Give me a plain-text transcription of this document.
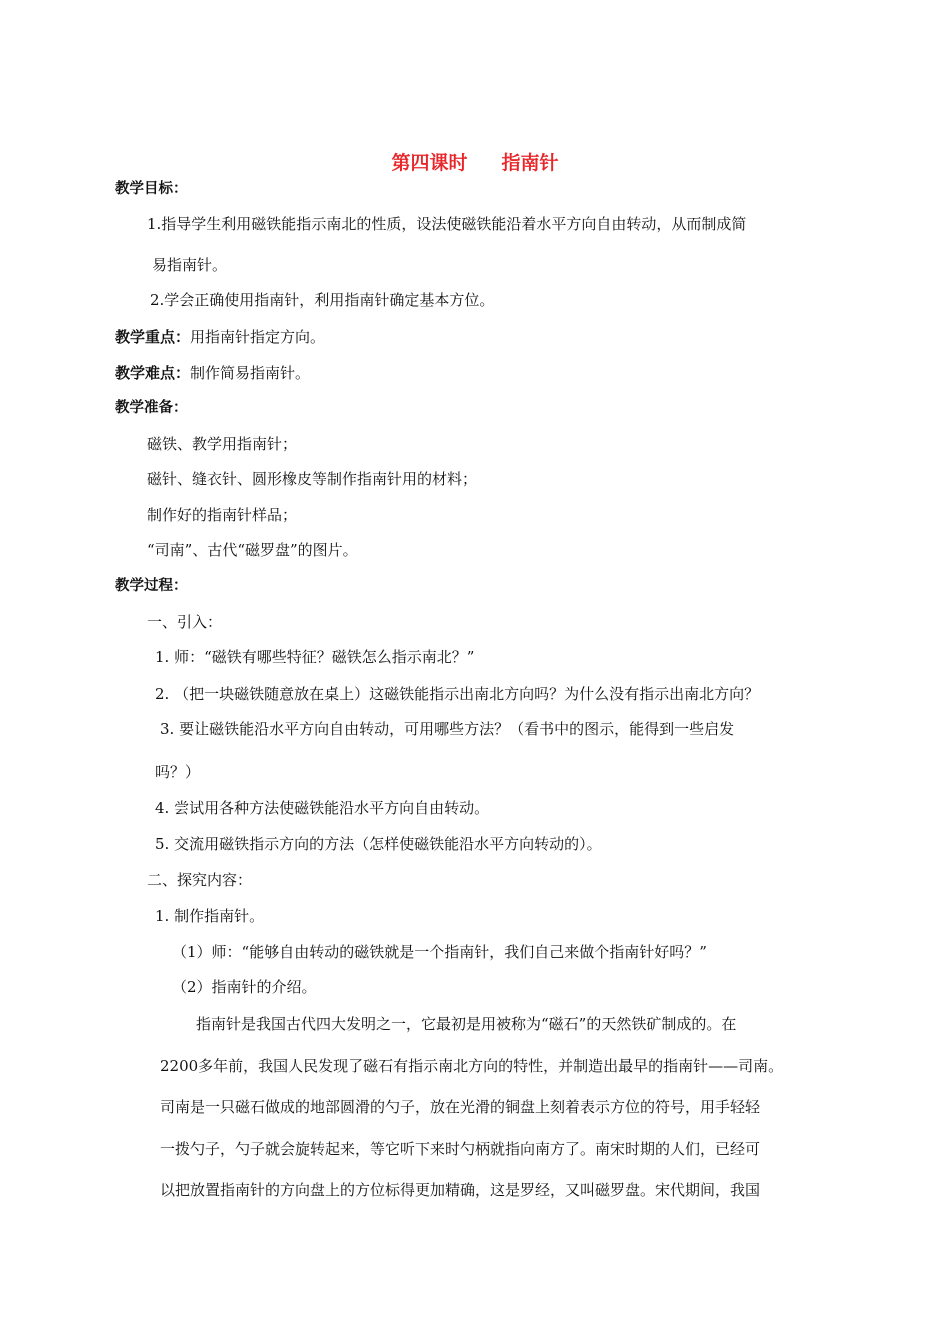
第四课时 指南针
教学目标：
1.指导学生利用磁铁能指示南北的性质，设法使磁铁能沿着水平方向自由转动，从而制成简
易指南针。
2.学会正确使用指南针，利用指南针确定基本方位。
教学重点：用指南针指定方向。
教学难点：制作简易指南针。
教学准备：
磁铁、教学用指南针；
磁针、缝衣针、圆形橡皮等制作指南针用的材料；
制作好的指南针样品；
“司南”、古代“磁罗盘”的图片。
教学过程：
一、引入：
1. 师：“磁铁有哪些特征？磁铁怎么指示南北？”
2. （把一块磁铁随意放在桌上）这磁铁能指示出南北方向吗？为什么没有指示出南北方向？
3. 要让磁铁能沿水平方向自由转动，可用哪些方法？（看书中的图示，能得到一些启发
吗？）
4. 尝试用各种方法使磁铁能沿水平方向自由转动。
5. 交流用磁铁指示方向的方法（怎样使磁铁能沿水平方向转动的）。
二、探究内容：
1. 制作指南针。
（1）师：“能够自由转动的磁铁就是一个指南针，我们自己来做个指南针好吗？”
（2）指南针的介绍。
指南针是我国古代四大发明之一，它最初是用被称为“磁石”的天然铁矿制成的。在
2200多年前，我国人民发现了磁石有指示南北方向的特性，并制造出最早的指南针——司南。
司南是一只磁石做成的地部圆滑的勺子，放在光滑的铜盘上刻着表示方位的符号，用手轻轻
一拨勺子，勺子就会旋转起来，等它听下来时勺柄就指向南方了。南宋时期的人们，已经可
以把放置指南针的方向盘上的方位标得更加精确，这是罗经，又叫磁罗盘。宋代期间，我国
